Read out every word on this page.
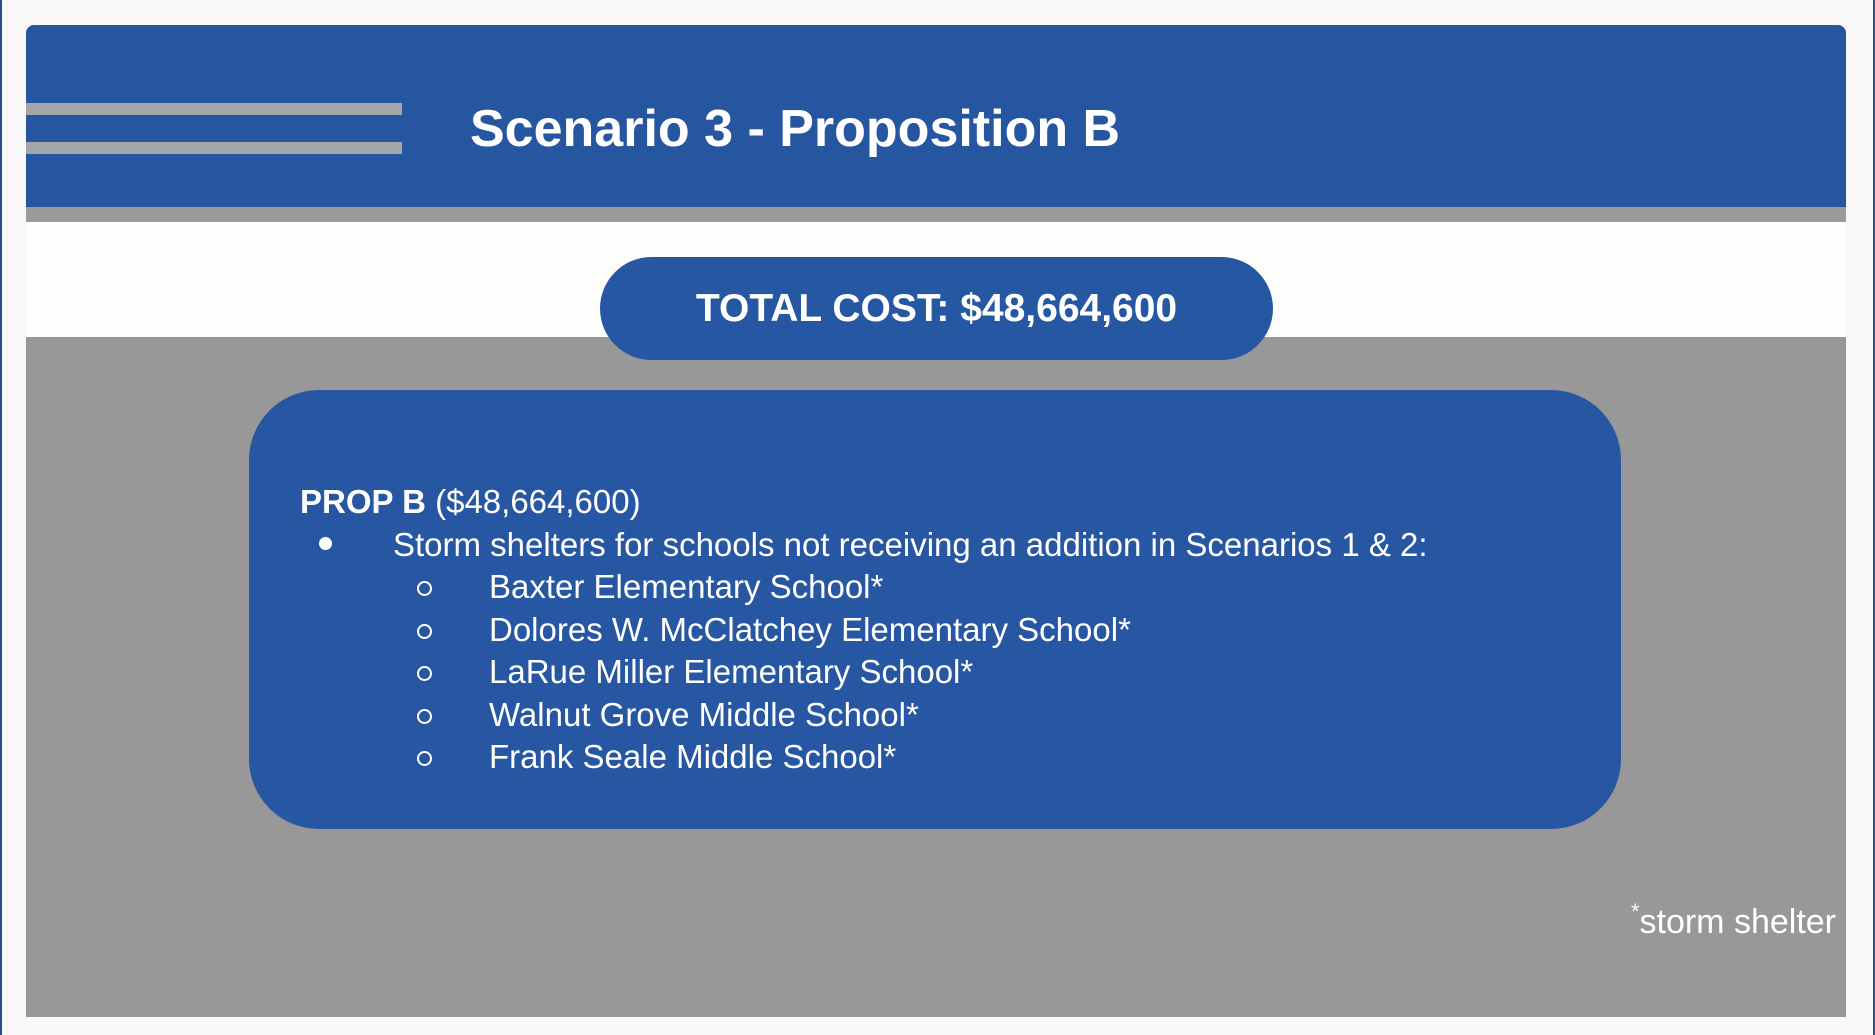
Scenario 3 - Proposition B
TOTAL COST: $48,664,600
PROP B ($48,664,600)
Storm shelters for schools not receiving an addition in Scenarios 1 & 2:
Baxter Elementary School*
Dolores W. McClatchey Elementary School*
LaRue Miller Elementary School*
Walnut Grove Middle School*
Frank Seale Middle School*
*storm shelter
